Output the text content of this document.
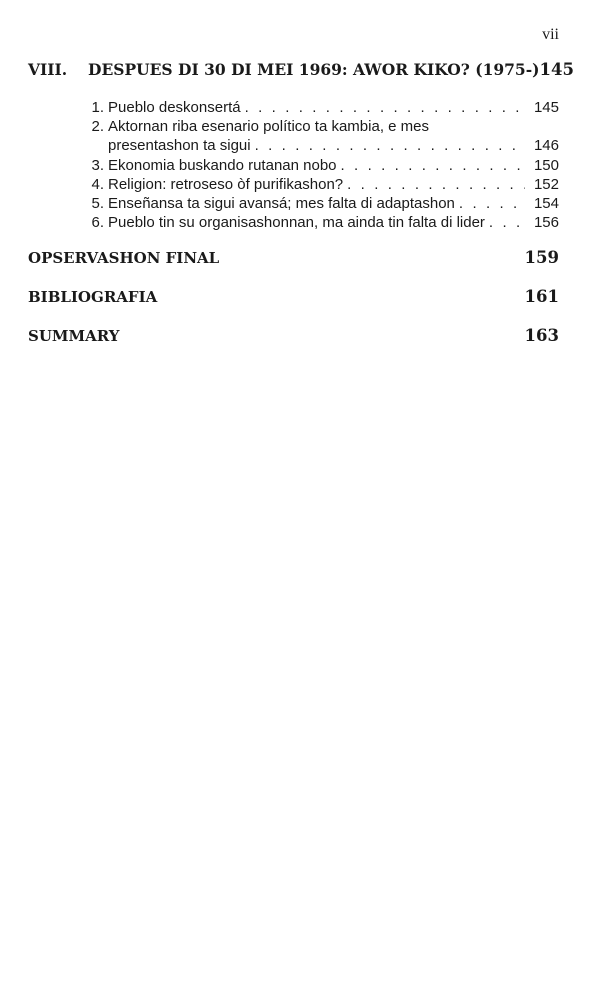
vii
VIII.	DESPUES DI 30 DI MEI 1969: AWOR KIKO? (1975-) 145
1. Pueblo deskonsertá . . .	145
2. Aktornan riba esenario político ta kambia, e mes
presentashon ta sigui . . .	146
3. Ekonomia buskando rutanan nobo . . .	150
4. Religion: retroseso òf purifikashon? . . .	152
5. Enseñansa ta sigui avansá; mes falta di adaptashon . . .	154
6. Pueblo tin su organisashonnan, ma ainda tin falta di lider . . .	156
OPSERVASHON FINAL	159
BIBLIOGRAFIA	161
SUMMARY	163
